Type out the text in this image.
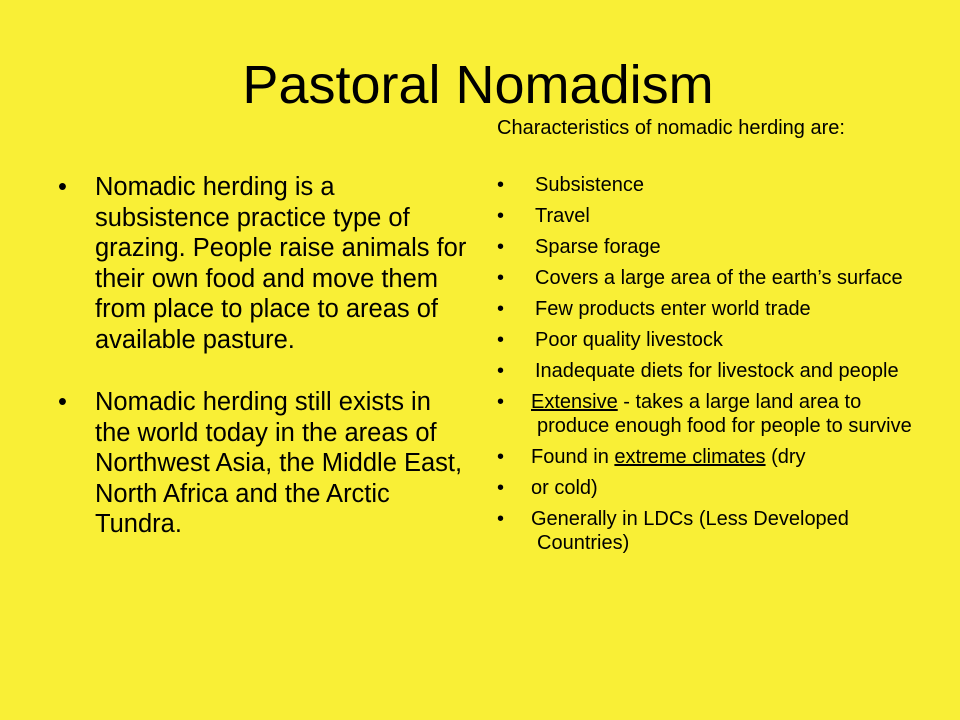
Pastoral Nomadism
• Nomadic herding is a subsistence practice type of grazing. People raise animals for their own food and move them from place to place to areas of available pasture.
• Nomadic herding still exists in the world today in the areas of Northwest Asia, the Middle East, North Africa and the Arctic Tundra.
Characteristics of nomadic herding are:
• Subsistence
• Travel
• Sparse forage
• Covers a large area of the earth’s surface
• Few products enter world trade
• Poor quality livestock
• Inadequate diets for livestock and people
•	Extensive - takes a large land area to produce enough food for people to survive
• Found in extreme climates (dry
• or cold)
•	Generally in LDCs (Less Developed Countries)
